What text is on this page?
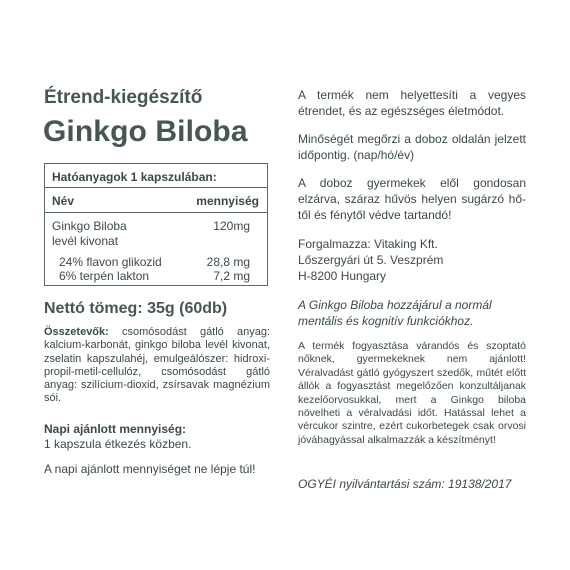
Étrend-kiegészítő
Ginkgo Biloba
Hatóanyagok 1 kapszulában:
Név	mennyiség
Ginkgo Biloba	120mg
levél kivonat
24% flavon glikozid	28,8 mg
6% terpén lakton	7,2 mg
Nettó tömeg: 35g (60db)
Összetevők: csomósodást gátló anyag: kalcium-karbonát, ginkgo biloba levél kivonat, zselatin kapszulahéj, emulgeálószer: hidroxi-propil-metil-cellulóz, csomósodást gátló anyag: szilícium-dioxid, zsírsavak magnézium sói.
Napi ajánlott mennyiség:
1 kapszula étkezés közben.
A napi ajánlott mennyiséget ne lépje túl!
A termék nem helyettesíti a vegyes étrendet, és az egészséges életmódot.
Minőségét megőrzi a doboz oldalán jelzett időpontig. (nap/hó/év)
A doboz gyermekek elől gondosan elzárva, száraz hűvös helyen sugárzó hő-től és fénytől védve tartandó!
Forgalmazza: Vitaking Kft.
Lőszergyári út 5. Veszprém
H-8200 Hungary
A Ginkgo Biloba hozzájárul a normál mentális és kognitív funkciókhoz.
A termék fogyasztása várandós és szoptató nőknek, gyermekeknek nem ajánlott! Véralvadást gátló gyógyszert szedők, műtét előtt állók a fogyasztást megelőzően konzultáljanak kezelőorvosukkal, mert a Ginkgo biloba növelheti a véralvadási időt. Hatással lehet a vércukor szintre, ezért cukorbetegek csak orvosi jóváhagyással alkalmazzák a készítményt!
OGYÉI nyilvántartási szám: 19138/2017
